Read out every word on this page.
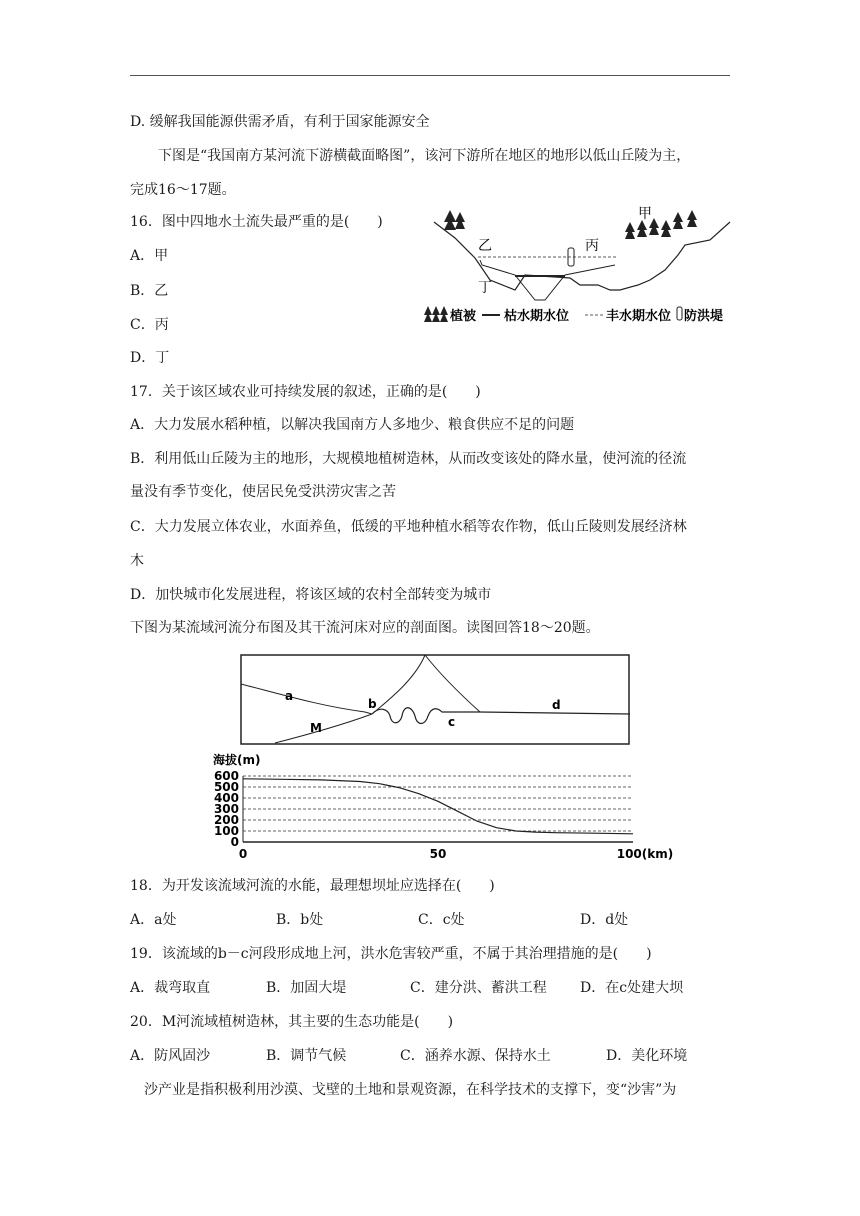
D. 缓解我国能源供需矛盾，有利于国家能源安全
下图是“我国南方某河流下游横截面略图”，该河下游所在地区的地形以低山丘陵为主，
完成16～17题。
16．图中四地水土流失最严重的是(　　)
A．甲
B．乙
C．丙
D．丁
乙	丙
甲
丁
植被 枯水期水位	丰水期水位 防洪堤
17．关于该区域农业可持续发展的叙述，正确的是(　　)
A．大力发展水稻种植，以解决我国南方人多地少、粮食供应不足的问题
B．利用低山丘陵为主的地形，大规模地植树造林，从而改变该处的降水量，使河流的径流
量没有季节变化，使居民免受洪涝灾害之苦
C．大力发展立体农业，水面养鱼，低缓的平地种植水稻等农作物，低山丘陵则发展经济林
木
D．加快城市化发展进程，将该区域的农村全部转变为城市
下图为某流域河流分布图及其干流河床对应的剖面图。读图回答18～20题。
a
b
c
d
M
海拔(m)
600
500
400
300
200
100
0
0	50	100(km)
18．为开发该流域河流的水能，最理想坝址应选择在(　　)
A．a处	B．b处	C．c处	D．d处
19．该流域的b－c河段形成地上河，洪水危害较严重，不属于其治理措施的是(　　)
A．裁弯取直	B．加固大堤	C．建分洪、蓄洪工程 D．在c处建大坝
20．M河流域植树造林，其主要的生态功能是(　　)
A．防风固沙	B．调节气候	C．涵养水源、保持水土	D．美化环境
沙产业是指积极利用沙漠、戈壁的土地和景观资源，在科学技术的支撑下，变“沙害”为
